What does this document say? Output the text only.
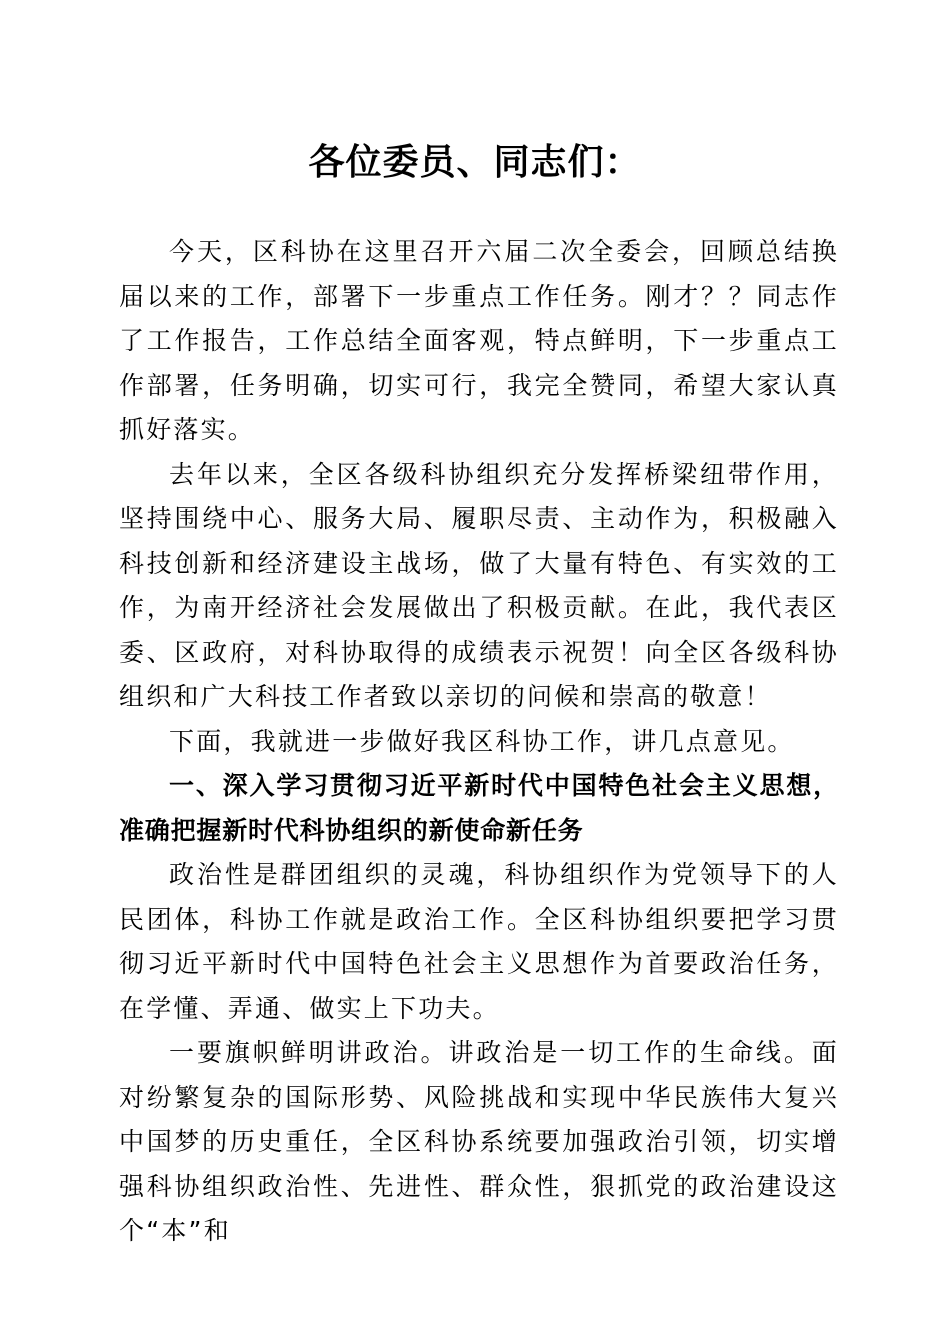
各位委员、同志们：

今天，区科协在这里召开六届二次全委会，回顾总结换届以来的工作，部署下一步重点工作任务。刚才？？同志作了工作报告，工作总结全面客观，特点鲜明，下一步重点工作部署，任务明确，切实可行，我完全赞同，希望大家认真抓好落实。

去年以来，全区各级科协组织充分发挥桥梁纽带作用，坚持围绕中心、服务大局、履职尽责、主动作为，积极融入科技创新和经济建设主战场，做了大量有特色、有实效的工作，为南开经济社会发展做出了积极贡献。在此，我代表区委、区政府，对科协取得的成绩表示祝贺！向全区各级科协组织和广大科技工作者致以亲切的问候和崇高的敬意！

下面，我就进一步做好我区科协工作，讲几点意见。

一、深入学习贯彻习近平新时代中国特色社会主义思想，准确把握新时代科协组织的新使命新任务

政治性是群团组织的灵魂，科协组织作为党领导下的人民团体，科协工作就是政治工作。全区科协组织要把学习贯彻习近平新时代中国特色社会主义思想作为首要政治任务，在学懂、弄通、做实上下功夫。

一要旗帜鲜明讲政治。讲政治是一切工作的生命线。面对纷繁复杂的国际形势、风险挑战和实现中华民族伟大复兴中国梦的历史重任，全区科协系统要加强政治引领，切实增强科协组织政治性、先进性、群众性，狠抓党的政治建设这个“本”和
